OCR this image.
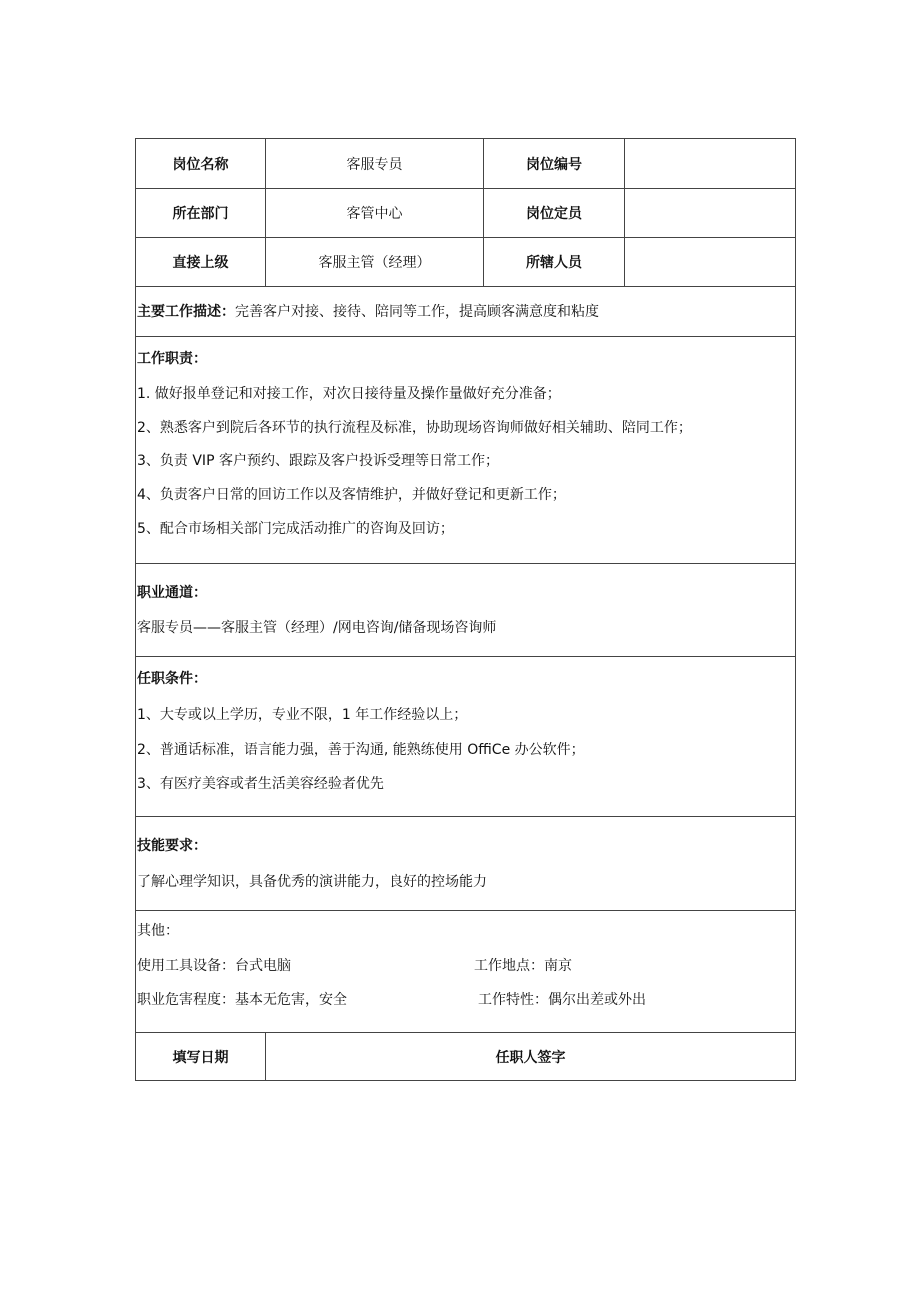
岗位名称	客服专员	岗位编号
所在部门	客管中心	岗位定员
直接上级	客服主管（经理）	所辖人员
主要工作描述：完善客户对接、接待、陪同等工作，提高顾客满意度和粘度
工作职责：
1. 做好报单登记和对接工作，对次日接待量及操作量做好充分准备；
2、熟悉客户到院后各环节的执行流程及标准，协助现场咨询师做好相关辅助、陪同工作；
3、负责 VIP 客户预约、跟踪及客户投诉受理等日常工作；
4、负责客户日常的回访工作以及客情维护，并做好登记和更新工作；
5、配合市场相关部门完成活动推广的咨询及回访；
职业通道：
客服专员——客服主管（经理）/网电咨询/储备现场咨询师
任职条件：
1、大专或以上学历，专业不限，1 年工作经验以上；
2、普通话标准，语言能力强，善于沟通, 能熟练使用 OffiCe 办公软件；
3、有医疗美容或者生活美容经验者优先
技能要求：
了解心理学知识，具备优秀的演讲能力，良好的控场能力
其他：
使用工具设备：台式电脑	工作地点：南京
职业危害程度：基本无危害，安全	工作特性：偶尔出差或外出
填写日期	任职人签字
